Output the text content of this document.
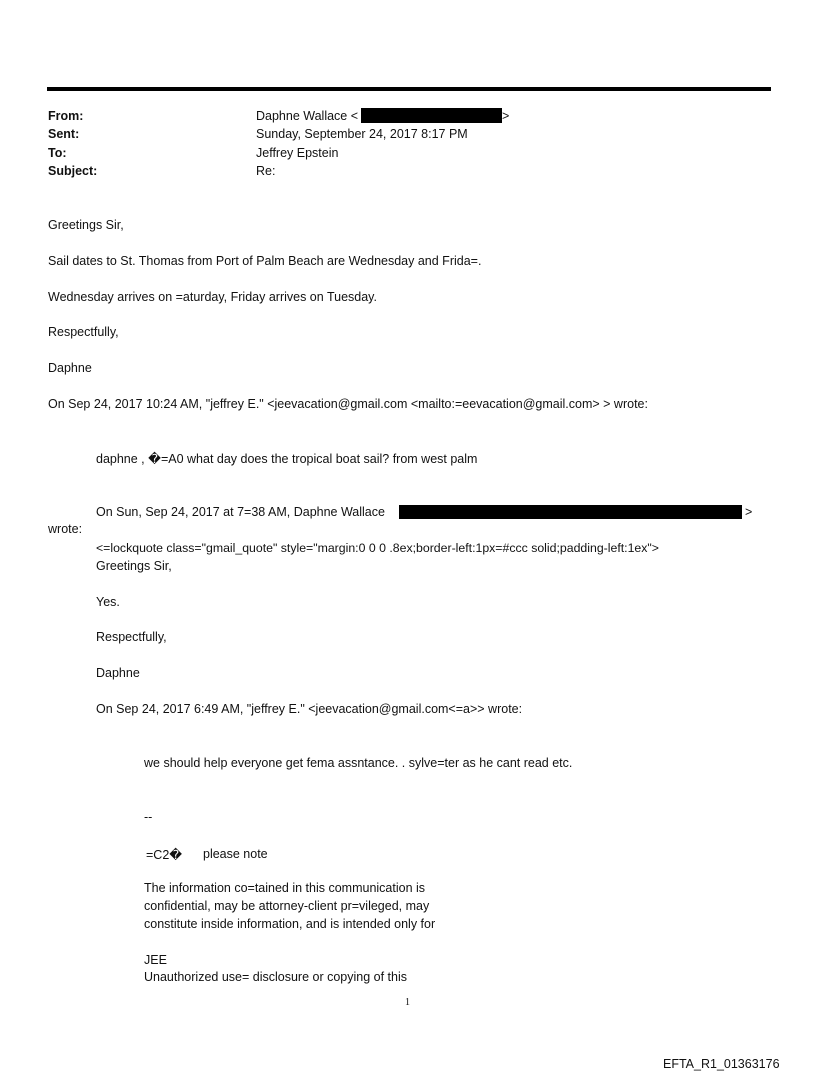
From:	Daphne Wallace <	>
Sent:	Sunday, September 24, 2017 8:17 PM
To:	Jeffrey Epstein
Subject:	Re:
Greetings Sir,
Sail dates to St. Thomas from Port of Palm Beach are Wednesday and Frida=.
Wednesday arrives on =aturday, Friday arrives on Tuesday.
Respectfully,
Daphne
On Sep 24, 2017 10:24 AM, "jeffrey E." <jeevacation@gmail.com <mailto:=eevacation@gmail.com> > wrote:
daphne , �=A0 what day does the tropical boat sail? from west palm
On Sun, Sep 24, 2017 at 7=38 AM, Daphne Wallace	>
wrote:
<=lockquote class="gmail_quote" style="margin:0 0 0 .8ex;border-left:1px=#ccc solid;padding-left:1ex">
Greetings Sir,
Yes.
Respectfully,
Daphne
On Sep 24, 2017 6:49 AM, "jeffrey E." <jeevacation@gmail.com<=a>> wrote:
we should help everyone get fema assntance. . sylve=ter as he cant read etc.
--
=C2� please note
The information co=tained in this communication is
confidential, may be attorney-client pr=vileged, may
constitute inside information, and is intended only for
JEE
Unauthorized use= disclosure or copying of this
1
EFTA_R1_01363176
